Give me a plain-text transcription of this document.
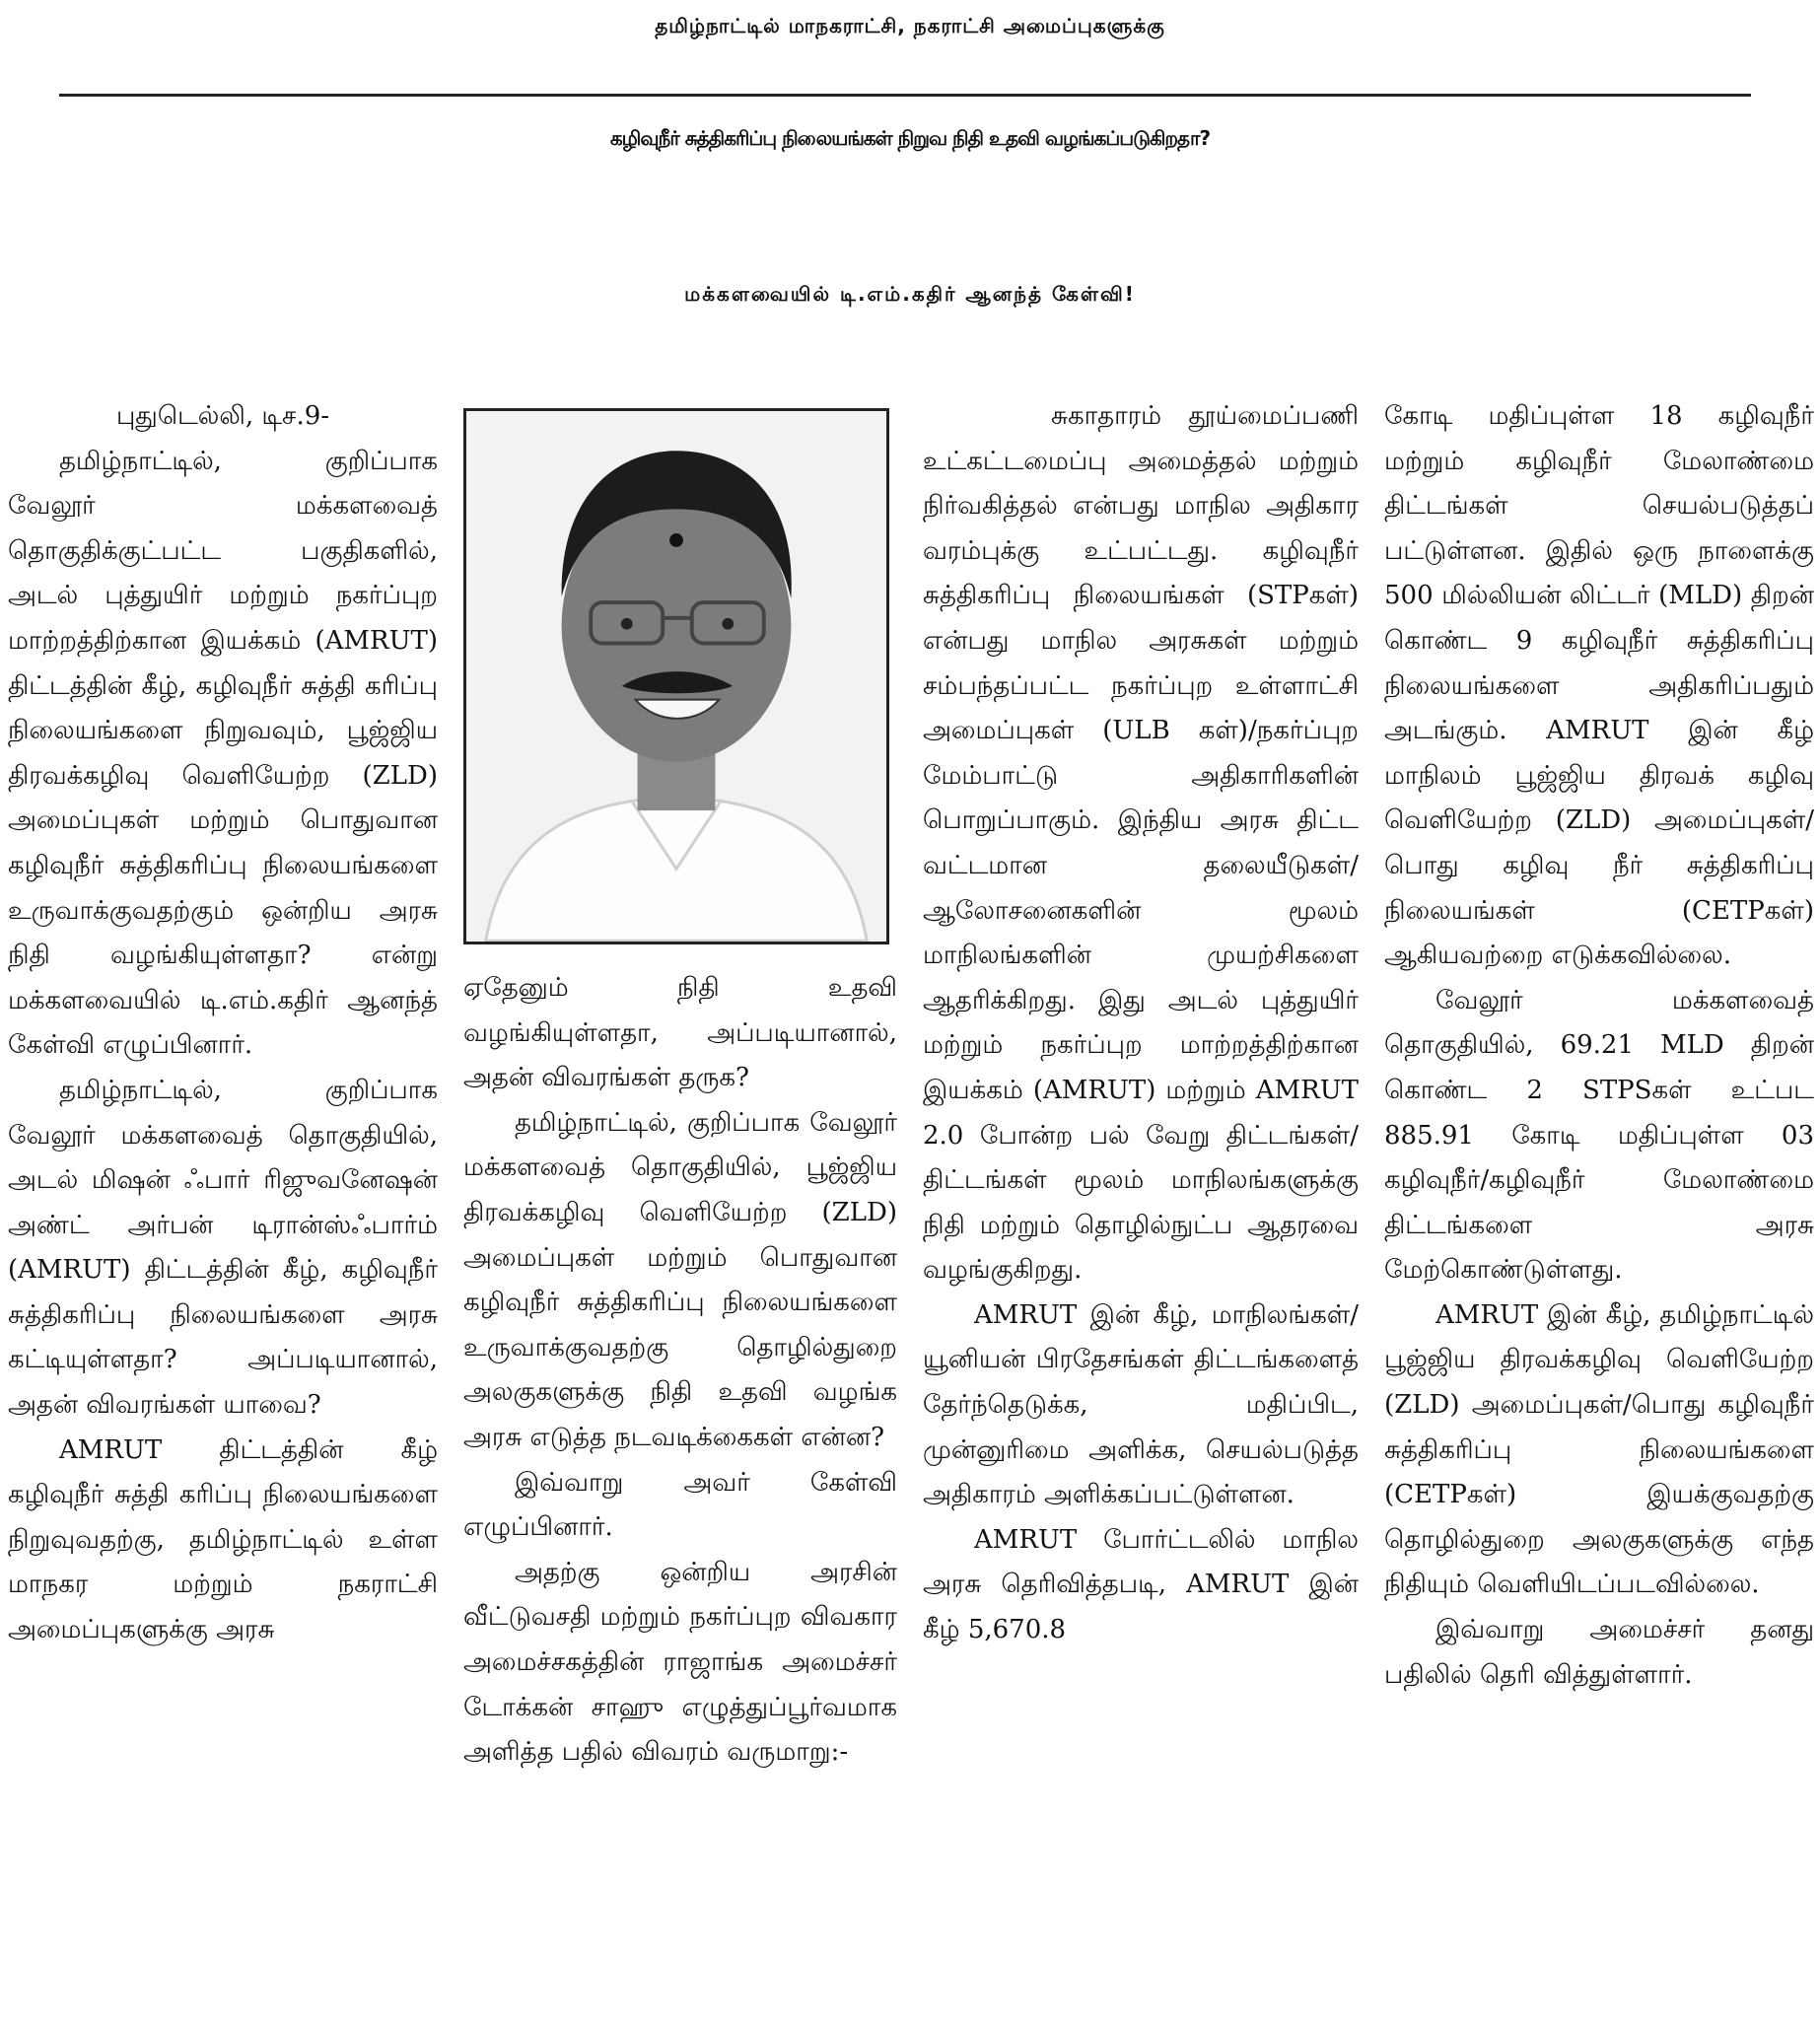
தமிழ்நாட்டில் மாநகராட்சி, நகராட்சி அமைப்புகளுக்கு
கழிவுநீர் சுத்திகரிப்பு நிலையங்கள் நிறுவ நிதி உதவி வழங்கப்படுகிறதா?
மக்களவையில் டி.எம்.கதிர் ஆனந்த் கேள்வி!

புதுடெல்லி, டிச.9-

தமிழ்நாட்டில், குறிப்பாக வேலூர் மக்களவைத் தொகுதிக்குட்பட்ட பகுதிகளில், அடல் புத்துயிர் மற்றும் நகர்ப்புற மாற்றத்திற்கான இயக்கம் (AMRUT) திட்டத்தின் கீழ், கழிவுநீர் சுத்தி கரிப்பு நிலையங்களை நிறுவவும், பூஜ்ஜிய திரவக்கழிவு வெளியேற்ற (ZLD) அமைப்புகள் மற்றும் பொதுவான கழிவுநீர் சுத்திகரிப்பு நிலையங்களை உருவாக்குவதற்கும் ஒன்றிய அரசு நிதி வழங்கியுள்ளதா? என்று மக்களவையில் டி.எம்.கதிர் ஆனந்த் கேள்வி எழுப்பினார்.

தமிழ்நாட்டில், குறிப்பாக வேலூர் மக்களவைத் தொகுதியில், அடல் மிஷன் ஃபார் ரிஜுவனேஷன் அண்ட் அர்பன் டிரான்ஸ்ஃபார்ம் (AMRUT) திட்டத்தின் கீழ், கழிவுநீர் சுத்திகரிப்பு நிலையங்களை அரசு கட்டியுள்ளதா? அப்படியானால், அதன் விவரங்கள் யாவை?

AMRUT திட்டத்தின் கீழ் கழிவுநீர் சுத்தி கரிப்பு நிலையங்களை நிறுவுவதற்கு, தமிழ்நாட்டில் உள்ள மாநகர மற்றும் நகராட்சி அமைப்புகளுக்கு அரசு

ஏதேனும் நிதி உதவி வழங்கியுள்ளதா, அப்படியானால், அதன் விவரங்கள் தருக?

தமிழ்நாட்டில், குறிப்பாக வேலூர் மக்களவைத் தொகுதியில், பூஜ்ஜிய திரவக்கழிவு வெளியேற்ற (ZLD) அமைப்புகள் மற்றும் பொதுவான கழிவுநீர் சுத்திகரிப்பு நிலையங்களை உருவாக்குவதற்கு தொழில்துறை அலகுகளுக்கு நிதி உதவி வழங்க அரசு எடுத்த நடவடிக்கைகள் என்ன?

இவ்வாறு அவர் கேள்வி எழுப்பினார்.

அதற்கு ஒன்றிய அரசின் வீட்டுவசதி மற்றும் நகர்ப்புற விவகார அமைச்சகத்தின் ராஜாங்க அமைச்சர் டோக்கன் சாஹு எழுத்துப்பூர்வமாக அளித்த பதில் விவரம் வருமாறு:-

சுகாதாரம் தூய்மைப்பணி உட்கட்டமைப்பு அமைத்தல் மற்றும் நிர்வகித்தல் என்பது மாநில அதிகார வரம்புக்கு உட்பட்டது. கழிவுநீர் சுத்திகரிப்பு நிலையங்கள் (STPகள்) என்பது மாநில அரசுகள் மற்றும் சம்பந்தப்பட்ட நகர்ப்புற உள்ளாட்சி அமைப்புகள் (ULB கள்)/நகர்ப்புற மேம்பாட்டு அதிகாரிகளின் பொறுப்பாகும். இந்திய அரசு திட்ட வட்டமான தலையீடுகள்/ஆலோசனைகளின் மூலம் மாநிலங்களின் முயற்சிகளை ஆதரிக்கிறது. இது அடல் புத்துயிர் மற்றும் நகர்ப்புற மாற்றத்திற்கான இயக்கம் (AMRUT) மற்றும் AMRUT 2.0 போன்ற பல் வேறு திட்டங்கள்/திட்டங்கள் மூலம் மாநிலங்களுக்கு நிதி மற்றும் தொழில்நுட்ப ஆதரவை வழங்குகிறது.

AMRUT இன் கீழ், மாநிலங்கள்/யூனியன் பிரதேசங்கள் திட்டங்களைத் தேர்ந்தெடுக்க, மதிப்பிட, முன்னுரிமை அளிக்க, செயல்படுத்த அதிகாரம் அளிக்கப்பட்டுள்ளன.

AMRUT போர்ட்டலில் மாநில அரசு தெரிவித்தபடி, AMRUT இன் கீழ் 5,670.8

கோடி மதிப்புள்ள 18 கழிவுநீர் மற்றும் கழிவுநீர் மேலாண்மை திட்டங்கள் செயல்படுத்தப் பட்டுள்ளன. இதில் ஒரு நாளைக்கு 500 மில்லியன் லிட்டர் (MLD) திறன் கொண்ட 9 கழிவுநீர் சுத்திகரிப்பு நிலையங்களை அதிகரிப்பதும் அடங்கும். AMRUT இன் கீழ் மாநிலம் பூஜ்ஜிய திரவக் கழிவு வெளியேற்ற (ZLD) அமைப்புகள்/பொது கழிவு நீர் சுத்திகரிப்பு நிலையங்கள் (CETPகள்) ஆகியவற்றை எடுக்கவில்லை.

வேலூர் மக்களவைத் தொகுதியில், 69.21 MLD திறன் கொண்ட 2 STPSகள் உட்பட 885.91 கோடி மதிப்புள்ள 03 கழிவுநீர்/கழிவுநீர் மேலாண்மை திட்டங்களை அரசு மேற்கொண்டுள்ளது.

AMRUT இன் கீழ், தமிழ்நாட்டில் பூஜ்ஜிய திரவக்கழிவு வெளியேற்ற (ZLD) அமைப்புகள்/பொது கழிவுநீர் சுத்திகரிப்பு நிலையங்களை (CETPகள்) இயக்குவதற்கு தொழில்துறை அலகுகளுக்கு எந்த நிதியும் வெளியிடப்படவில்லை.

இவ்வாறு அமைச்சர் தனது பதிலில் தெரி வித்துள்ளார்.
